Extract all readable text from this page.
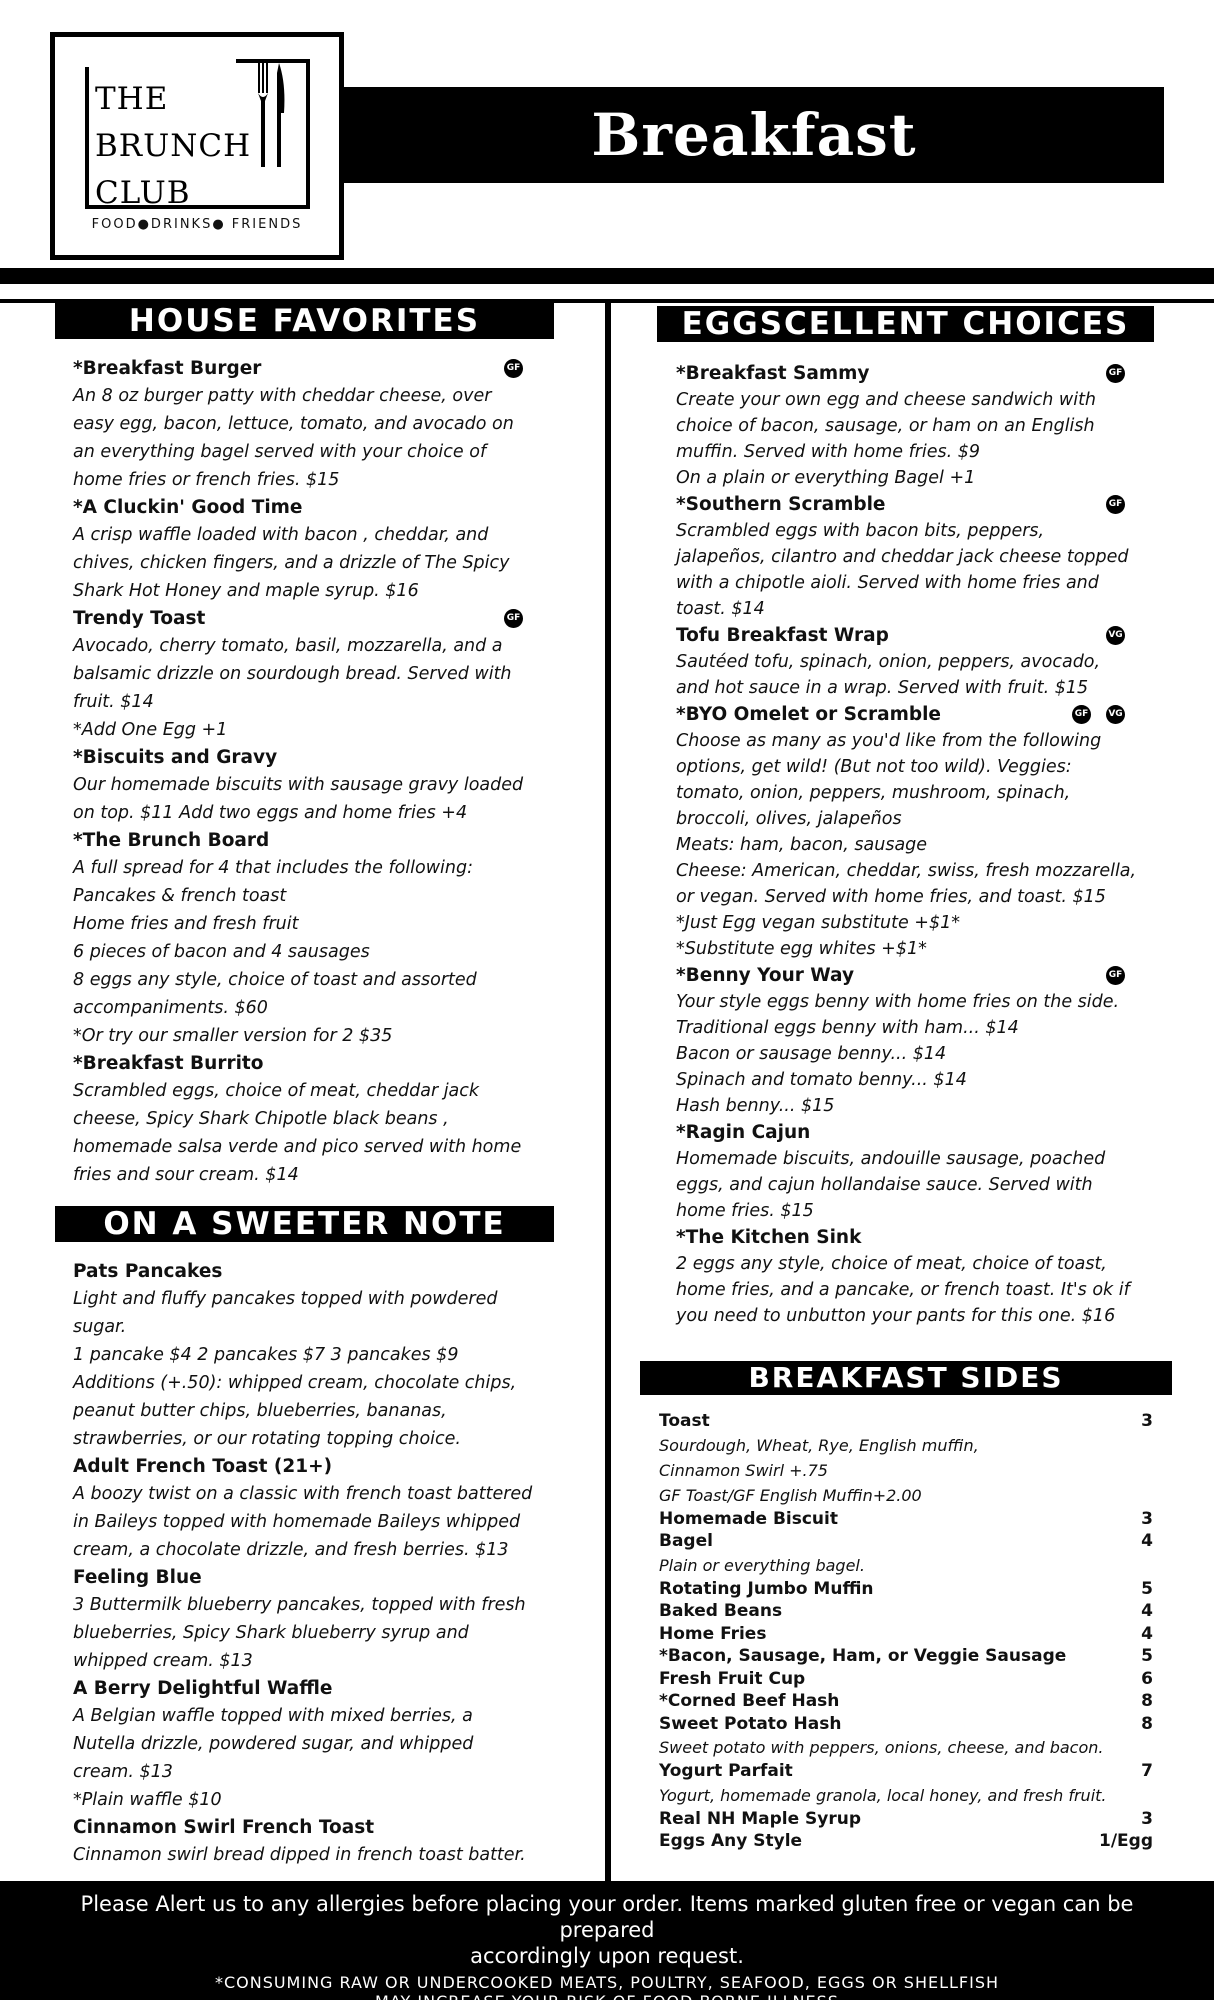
THE
BRUNCH
CLUB
FOOD●DRINKS● FRIENDS
Breakfast
HOUSE FAVORITES
*Breakfast Burger	GF
An 8 oz burger patty with cheddar cheese, over
easy egg, bacon, lettuce, tomato, and avocado on
an everything bagel served with your choice of
home fries or french fries. $15
*A Cluckin' Good Time
A crisp waffle loaded with bacon , cheddar, and
chives, chicken fingers, and a drizzle of The Spicy
Shark Hot Honey and maple syrup. $16
Trendy Toast	GF
Avocado, cherry tomato, basil, mozzarella, and a
balsamic drizzle on sourdough bread. Served with
fruit. $14
*Add One Egg +1
*Biscuits and Gravy
Our homemade biscuits with sausage gravy loaded
on top. $11 Add two eggs and home fries +4
*The Brunch Board
A full spread for 4 that includes the following:
Pancakes & french toast
Home fries and fresh fruit
6 pieces of bacon and 4 sausages
8 eggs any style, choice of toast and assorted
accompaniments. $60
*Or try our smaller version for 2 $35
*Breakfast Burrito
Scrambled eggs, choice of meat, cheddar jack
cheese, Spicy Shark Chipotle black beans ,
homemade salsa verde and pico served with home
fries and sour cream. $14
ON A SWEETER NOTE
Pats Pancakes
Light and fluffy pancakes topped with powdered
sugar.
1 pancake $4 2 pancakes $7 3 pancakes $9
Additions (+.50): whipped cream, chocolate chips,
peanut butter chips, blueberries, bananas,
strawberries, or our rotating topping choice.
Adult French Toast (21+)
A boozy twist on a classic with french toast battered
in Baileys topped with homemade Baileys whipped
cream, a chocolate drizzle, and fresh berries. $13
Feeling Blue
3 Buttermilk blueberry pancakes, topped with fresh
blueberries, Spicy Shark blueberry syrup and
whipped cream. $13
A Berry Delightful Waffle
A Belgian waffle topped with mixed berries, a
Nutella drizzle, powdered sugar, and whipped
cream. $13
*Plain waffle $10
Cinnamon Swirl French Toast
Cinnamon swirl bread dipped in french toast batter.
EGGSCELLENT CHOICES
*Breakfast Sammy	GF
Create your own egg and cheese sandwich with
choice of bacon, sausage, or ham on an English
muffin. Served with home fries. $9
On a plain or everything Bagel +1
*Southern Scramble	GF
Scrambled eggs with bacon bits, peppers,
jalapeños, cilantro and cheddar jack cheese topped
with a chipotle aioli. Served with home fries and
toast. $14
Tofu Breakfast Wrap	VG
Sautéed tofu, spinach, onion, peppers, avocado,
and hot sauce in a wrap. Served with fruit. $15
*BYO Omelet or Scramble	GF	VG
Choose as many as you'd like from the following
options, get wild! (But not too wild). Veggies:
tomato, onion, peppers, mushroom, spinach,
broccoli, olives, jalapeños
Meats: ham, bacon, sausage
Cheese: American, cheddar, swiss, fresh mozzarella,
or vegan. Served with home fries, and toast. $15
*Just Egg vegan substitute +$1*
*Substitute egg whites +$1*
*Benny Your Way	GF
Your style eggs benny with home fries on the side.
Traditional eggs benny with ham... $14
Bacon or sausage benny... $14
Spinach and tomato benny... $14
Hash benny... $15
*Ragin Cajun
Homemade biscuits, andouille sausage, poached
eggs, and cajun hollandaise sauce. Served with
home fries. $15
*The Kitchen Sink
2 eggs any style, choice of meat, choice of toast,
home fries, and a pancake, or french toast. It's ok if
you need to unbutton your pants for this one. $16
BREAKFAST SIDES
Toast	3
Sourdough, Wheat, Rye, English muffin,
Cinnamon Swirl +.75
GF Toast/GF English Muffin+2.00
Homemade Biscuit	3
Bagel	4
Plain or everything bagel.
Rotating Jumbo Muffin	5
Baked Beans	4
Home Fries	4
*Bacon, Sausage, Ham, or Veggie Sausage	5
Fresh Fruit Cup	6
*Corned Beef Hash	8
Sweet Potato Hash	8
Sweet potato with peppers, onions, cheese, and bacon.
Yogurt Parfait	7
Yogurt, homemade granola, local honey, and fresh fruit.
Real NH Maple Syrup	3
Eggs Any Style	1/Egg
Please Alert us to any allergies before placing your order. Items marked gluten free or vegan can be prepared
accordingly upon request.
*CONSUMING RAW OR UNDERCOOKED MEATS, POULTRY, SEAFOOD, EGGS OR SHELLFISH
MAY INCREASE YOUR RISK OF FOOD BORNE ILLNESS
